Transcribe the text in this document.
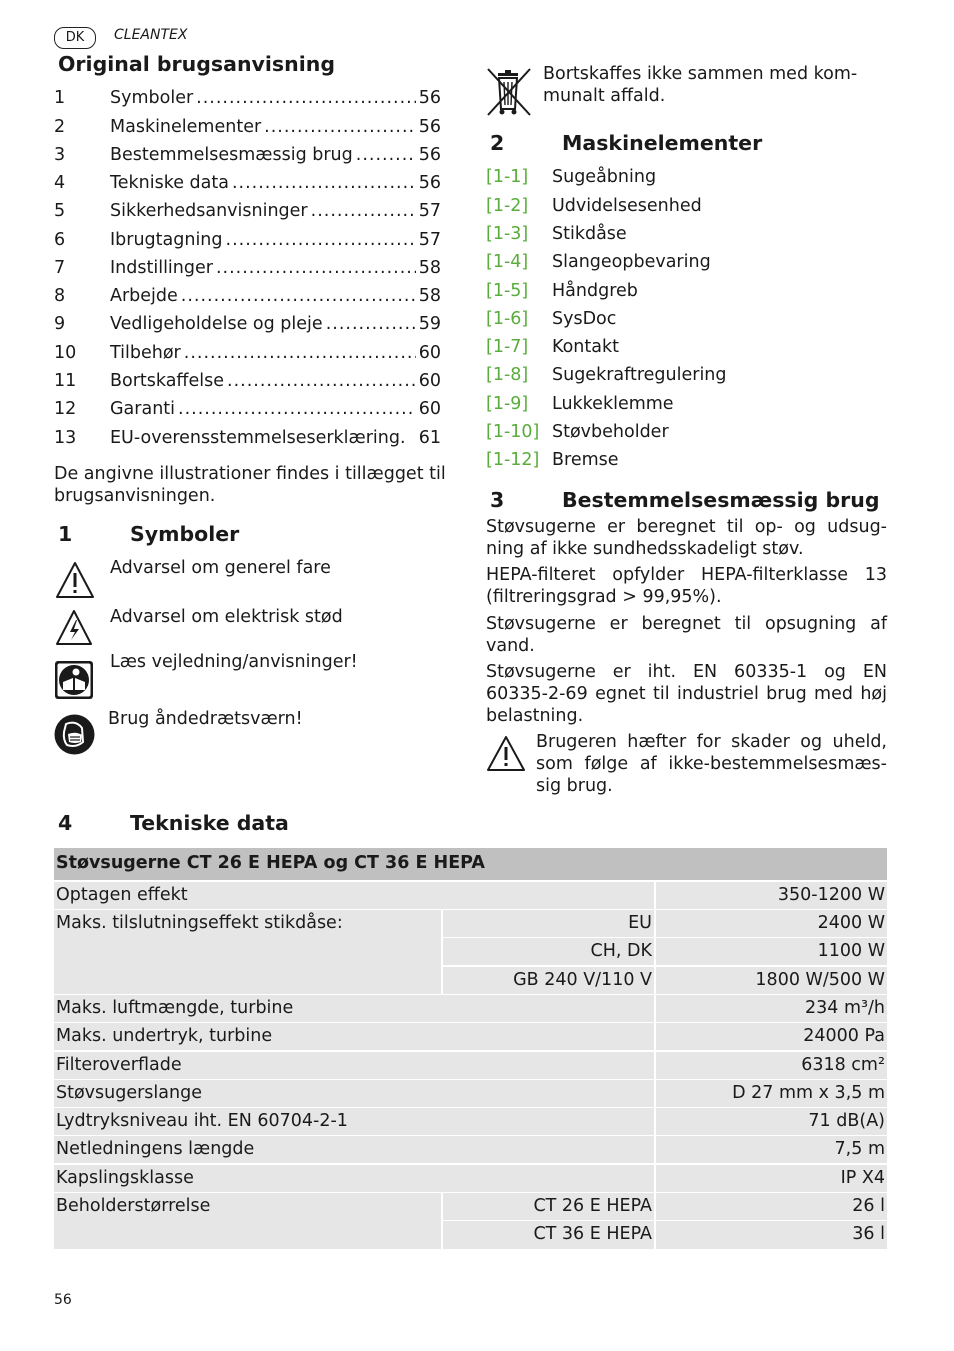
DK	CLEANTEX
Original brugsanvisning
1	Symboler .....	56
2	Maskinelementer .....	56
3	Bestemmelsesmæssig brug .....	56
4	Tekniske data .....	56
5	Sikkerhedsanvisninger .....	57
6	Ibrugtagning .....	57
7	Indstillinger .....	58
8	Arbejde .....	58
9	Vedligeholdelse og pleje .....	59
10	Tilbehør .....	60
11	Bortskaffelse .....	60
12	Garanti .....	60
13	EU-overensstemmelseserklæring. 61
De angivne illustrationer findes i tillægget til
brugsanvisningen.
1	Symboler
Advarsel om generel fare
Advarsel om elektrisk stød
Læs vejledning/anvisninger!
Brug åndedrætsværn!
Bortskaffes ikke sammen med kom-
munalt affald.
2	Maskinelementer
[1-1] Sugeåbning
[1-2] Udvidelsesenhed
[1-3] Stikdåse
[1-4] Slangeopbevaring
[1-5] Håndgreb
[1-6] SysDoc
[1-7] Kontakt
[1-8] Sugekraftregulering
[1-9] Lukkeklemme
[1-10] Støvbeholder
[1-12] Bremse
3	Bestemmelsesmæssig brug
Støvsugerne er beregnet til op- og udsug-
ning af ikke sundhedsskadeligt støv.
HEPA-filteret opfylder HEPA-filterklasse 13
(filtreringsgrad > 99,95%).
Støvsugerne er beregnet til opsugning af
vand.
Støvsugerne er iht. EN 60335-1 og EN
60335-2-69 egnet til industriel brug med høj
belastning.
Brugeren hæfter for skader og uheld,
som følge af ikke-bestemmelsesmæs-
sig brug.
4	Tekniske data
Støvsugerne CT 26 E HEPA og CT 36 E HEPA
Optagen effekt	350-1200 W
Maks. tilslutningseffekt stikdåse:	EU	2400 W
CH, DK	1100 W
GB 240 V/110 V	1800 W/500 W
Maks. luftmængde, turbine	234 m³/h
Maks. undertryk, turbine	24000 Pa
Filteroverflade	6318 cm²
Støvsugerslange	D 27 mm x 3,5 m
Lydtryksniveau iht. EN 60704-2-1	71 dB(A)
Netledningens længde	7,5 m
Kapslingsklasse	IP X4
Beholderstørrelse	CT 26 E HEPA	26 l
CT 36 E HEPA	36 l
56
